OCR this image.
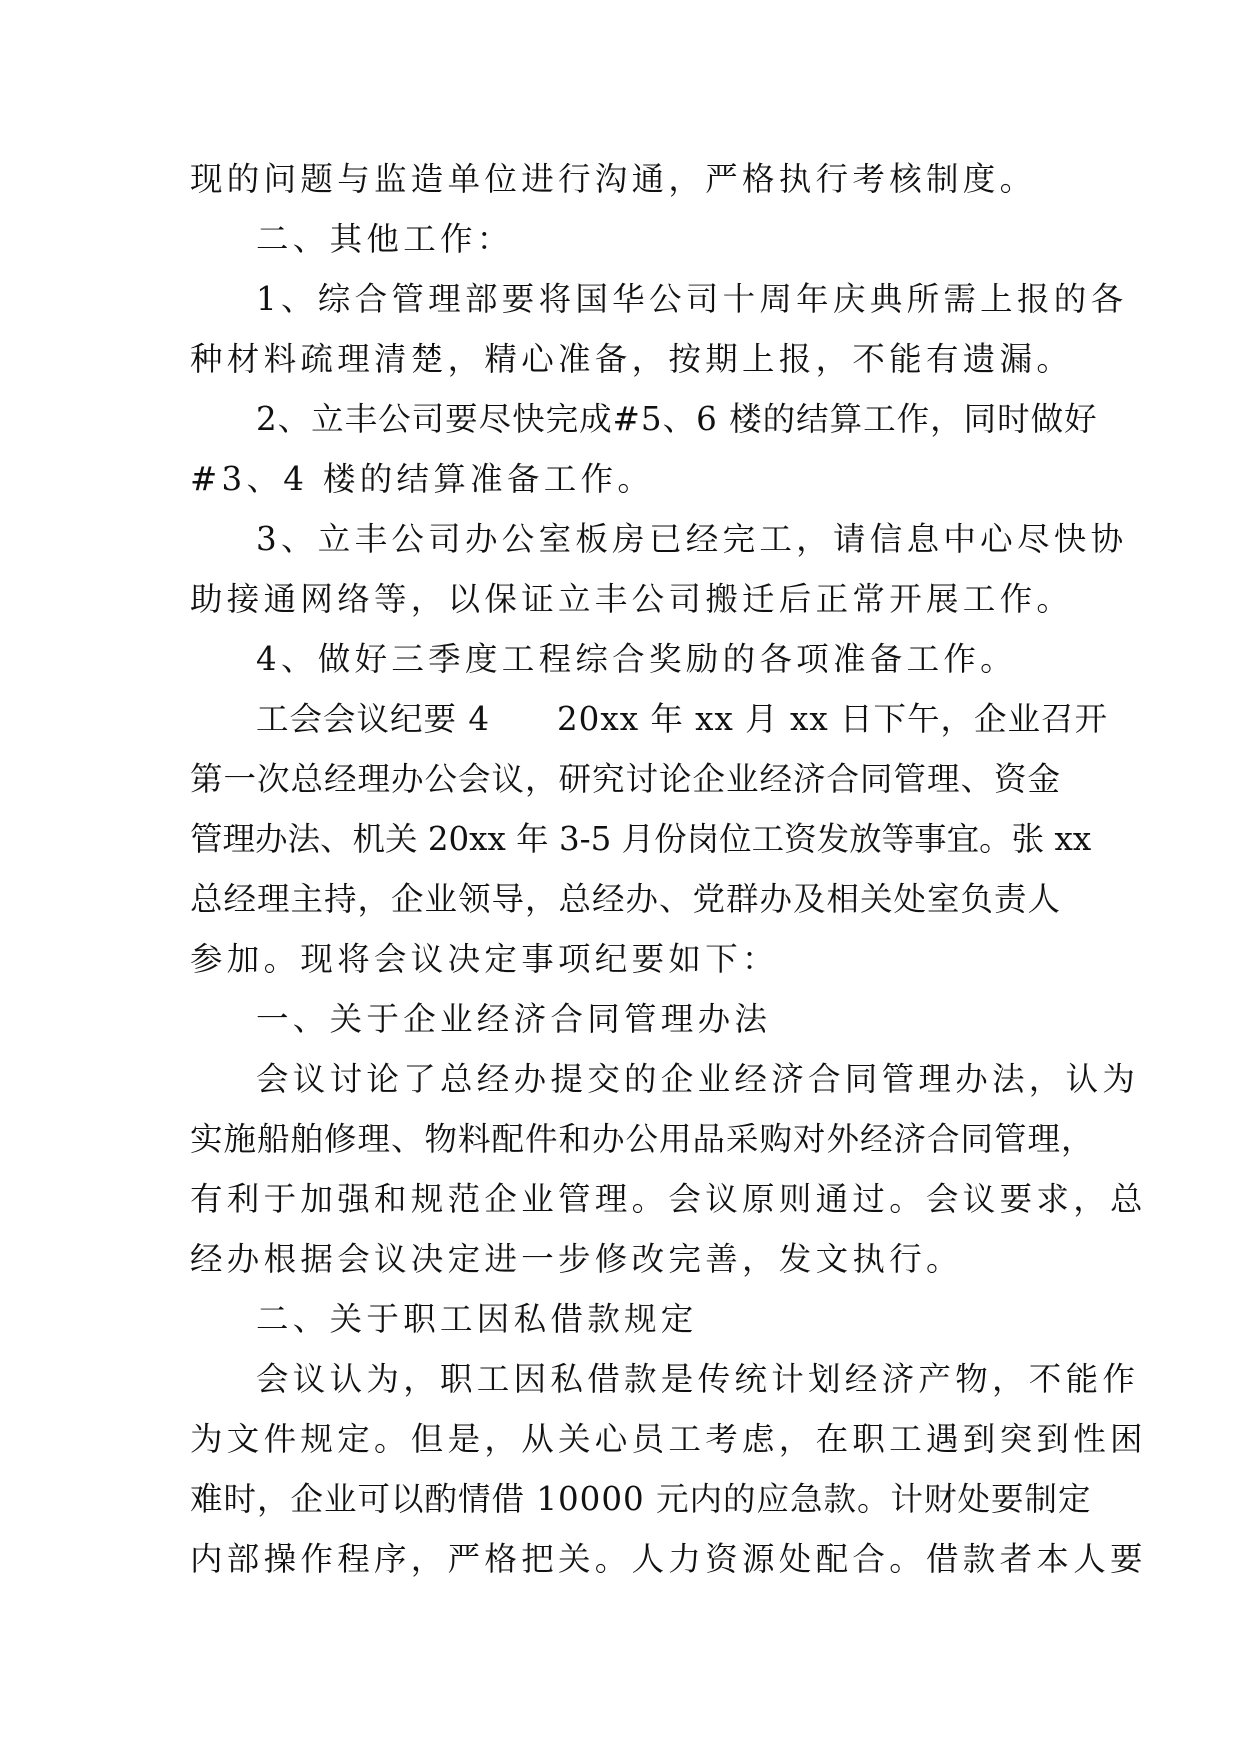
现的问题与监造单位进行沟通，严格执行考核制度。
二、其他工作：
1、综合管理部要将国华公司十周年庆典所需上报的各
种材料疏理清楚，精心准备，按期上报，不能有遗漏。
2、立丰公司要尽快完成#5、6 楼的结算工作，同时做好
#3、4 楼的结算准备工作。
3、立丰公司办公室板房已经完工，请信息中心尽快协
助接通网络等，以保证立丰公司搬迁后正常开展工作。
4、做好三季度工程综合奖励的各项准备工作。
工会会议纪要 4　　20xx 年 xx 月 xx 日下午，企业召开
第一次总经理办公会议，研究讨论企业经济合同管理、资金
管理办法、机关 20xx 年 3-5 月份岗位工资发放等事宜。张 xx
总经理主持，企业领导，总经办、党群办及相关处室负责人
参加。现将会议决定事项纪要如下：
一、关于企业经济合同管理办法
会议讨论了总经办提交的企业经济合同管理办法，认为
实施船舶修理、物料配件和办公用品采购对外经济合同管理，
有利于加强和规范企业管理。会议原则通过。会议要求，总
经办根据会议决定进一步修改完善，发文执行。
二、关于职工因私借款规定
会议认为，职工因私借款是传统计划经济产物，不能作
为文件规定。但是，从关心员工考虑，在职工遇到突到性困
难时，企业可以酌情借 10000 元内的应急款。计财处要制定
内部操作程序，严格把关。人力资源处配合。借款者本人要
